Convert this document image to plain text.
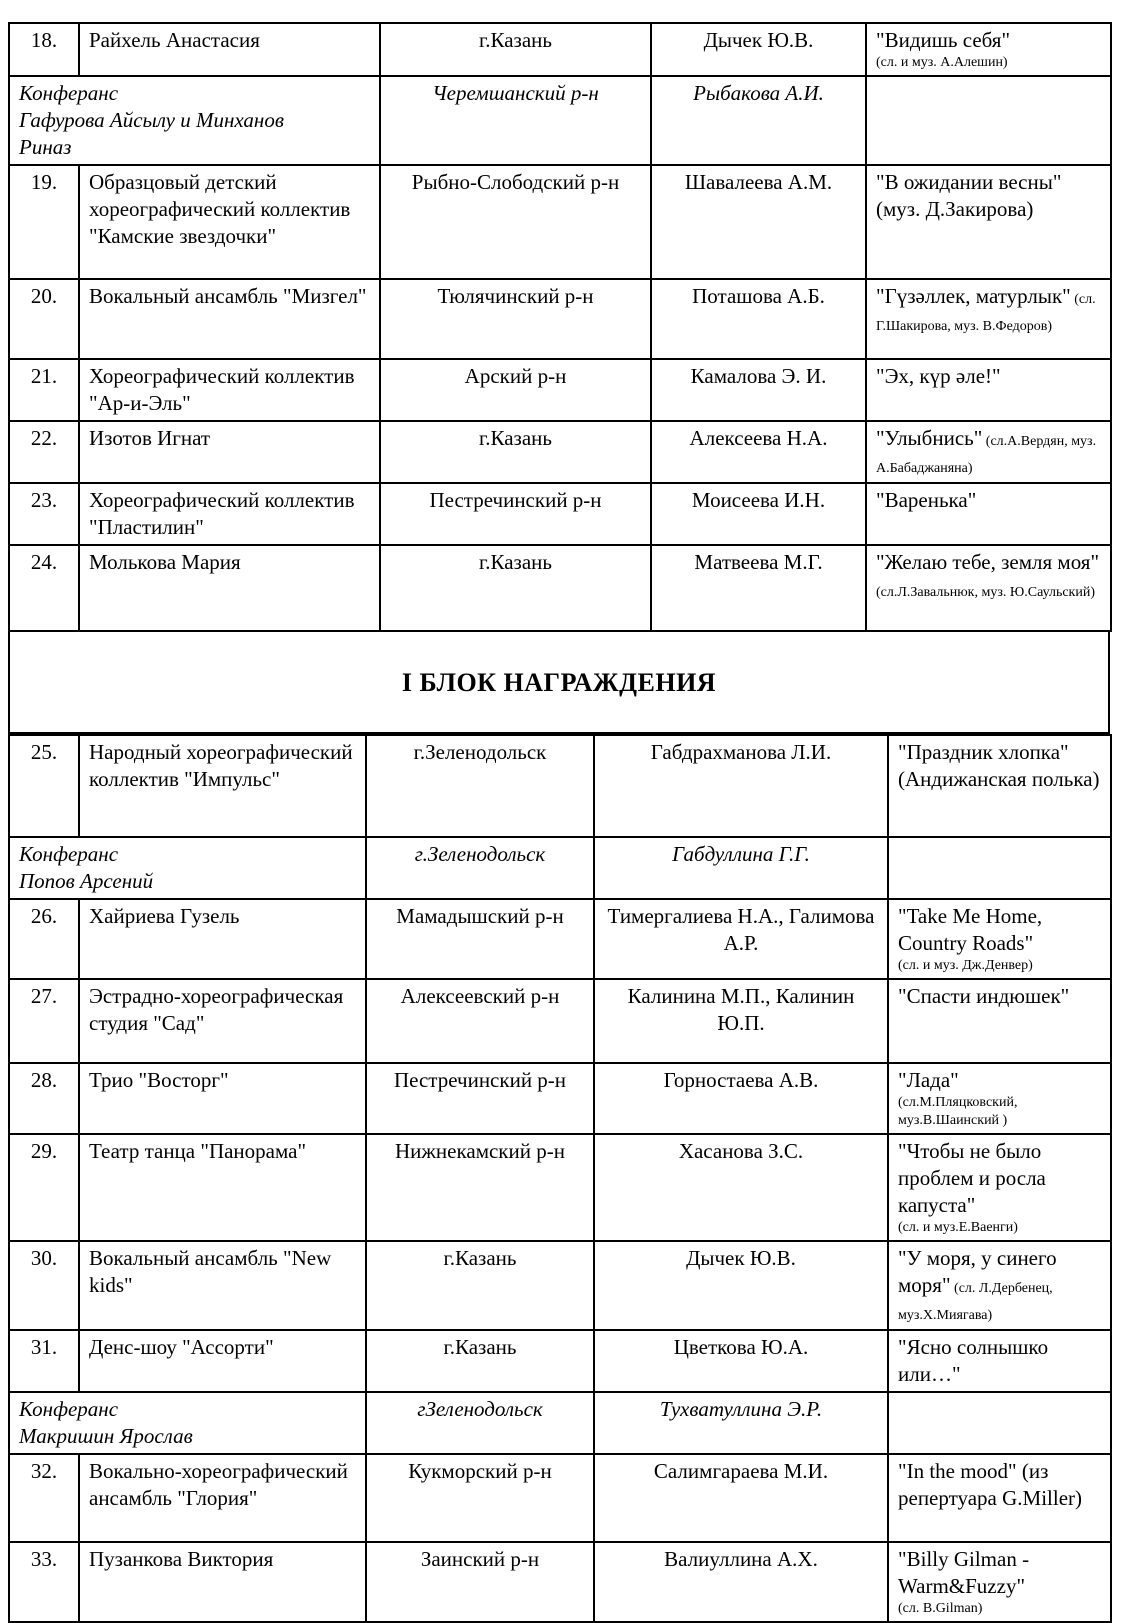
18.	Райхель Анастасия	г.Казань	Дычек Ю.В.	"Видишь себя"
(сл. и муз. А.Алешин)

Конферанс
Гафурова Айсылу и Минханов Риназ		Черемшанский р-н	Рыбакова А.И.	
19.	Образцовый детский хореографический коллектив "Камские звездочки"	Рыбно-Слободский р-н	Шавалеева А.М.	"В ожидании весны"
(муз. Д.Закирова)

20.	Вокальный ансамбль "Мизгел"	Тюлячинский р-н	Поташова А.Б.	"Гүзәллек, матурлык" (сл. Г.Шакирова, муз. В.Федоров)
21.	Хореографический коллектив "Ар-и-Эль"	Арский р-н	Камалова Э. И.	"Эх, күр әле!"
22.	Изотов Игнат	г.Казань	Алексеева Н.А.	"Улыбнись" (сл.А.Вердян, муз. А.Бабаджаняна)
23.	Хореографический коллектив "Пластилин"	Пестречинский р-н	Моисеева И.Н.	"Варенька"
24.	Молькова Мария	г.Казань	Матвеева М.Г.	"Желаю тебе, земля моя" (сл.Л.Завальнюк, муз. Ю.Саульский)
I БЛОК НАГРАЖДЕНИЯ
25.	Народный хореографический коллектив "Импульс"	г.Зеленодольск	Габдрахманова Л.И.	"Праздник хлопка"
(Андижанская полька)

Конферанс
Попов Арсений		г.Зеленодольск	Габдуллина Г.Г.	
26.	Хайриева Гузель	Мамадышский р-н	Тимергалиева Н.А., Галимова А.Р.	"Take Me Home, Country Roads"
(сл. и муз. Дж.Денвер)

27.	Эстрадно-хореографическая студия "Сад"	Алексеевский р-н	Калинина М.П., Калинин Ю.П.	"Спасти индюшек"
28.	Трио "Восторг"	Пестречинский р-н	Горностаева А.В.	"Лада"
(сл.М.Пляцковский, муз.В.Шаинский )

29.	Театр танца "Панорама"	Нижнекамский р-н	Хасанова З.С.	"Чтобы не было проблем и росла капуста"
(сл. и муз.Е.Ваенги)

30.	Вокальный ансамбль "New kids"	г.Казань	Дычек Ю.В.	"У моря, у синего моря" (сл. Л.Дербенец, муз.Х.Миягава)
31.	Денс-шоу "Ассорти"	г.Казань	Цветкова Ю.А.	"Ясно солнышко или…"
Конферанс
Макришин Ярослав		гЗеленодольск	Тухватуллина Э.Р.	
32.	Вокально-хореографический ансамбль "Глория"	Кукморский р-н	Салимгараева М.И.	"In the mood" (из репертуара G.Miller)
33.	Пузанкова Виктория	Заинский р-н	Валиуллина А.Х.	"Billy Gilman - Warm&Fuzzy"
(сл. B.Gilman)
